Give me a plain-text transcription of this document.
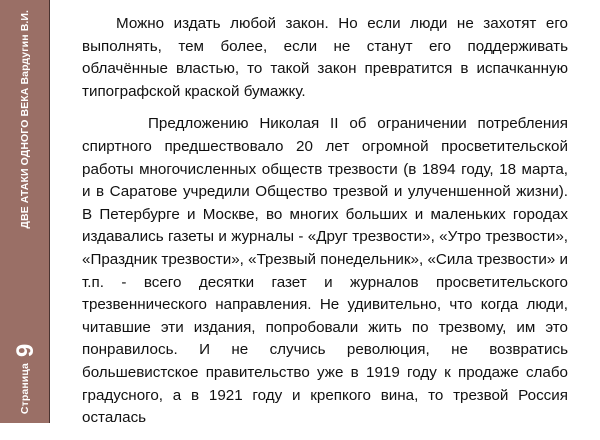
Страница
9
ДВЕ АТАКИ ОДНОГО ВЕКА Вардугин В.И.	Можно издать любой закон. Но если люди не захотят его выполнять, тем более, если не станут его поддерживать облачённые властью, то такой закон превратится в испачканную типографской краской бумажку.

Предложению Николая II об ограничении потребления спиртного предшествовало 20 лет огромной просветительской работы многочисленных обществ трезвости (в 1894 году, 18 марта, и в Саратове учредили Общество трезвой и улученшенной жизни). В Петербурге и Москве, во многих больших и маленьких городах издавались газеты и журналы - «Друг трезвости», «Утро трезвости», «Праздник трезвости», «Трезвый понедельник», «Сила трезвости» и т.п. - всего десятки газет и журналов просветительского трезвеннического направления. Не удивительно, что когда люди, читавшие эти издания, попробовали жить по трезвому, им это понравилось. И не случись революция, не возвратись большевистское правительство уже в 1919 году к продаже слабо градусного, а в 1921 году и крепкого вина, то трезвой Россия осталась
